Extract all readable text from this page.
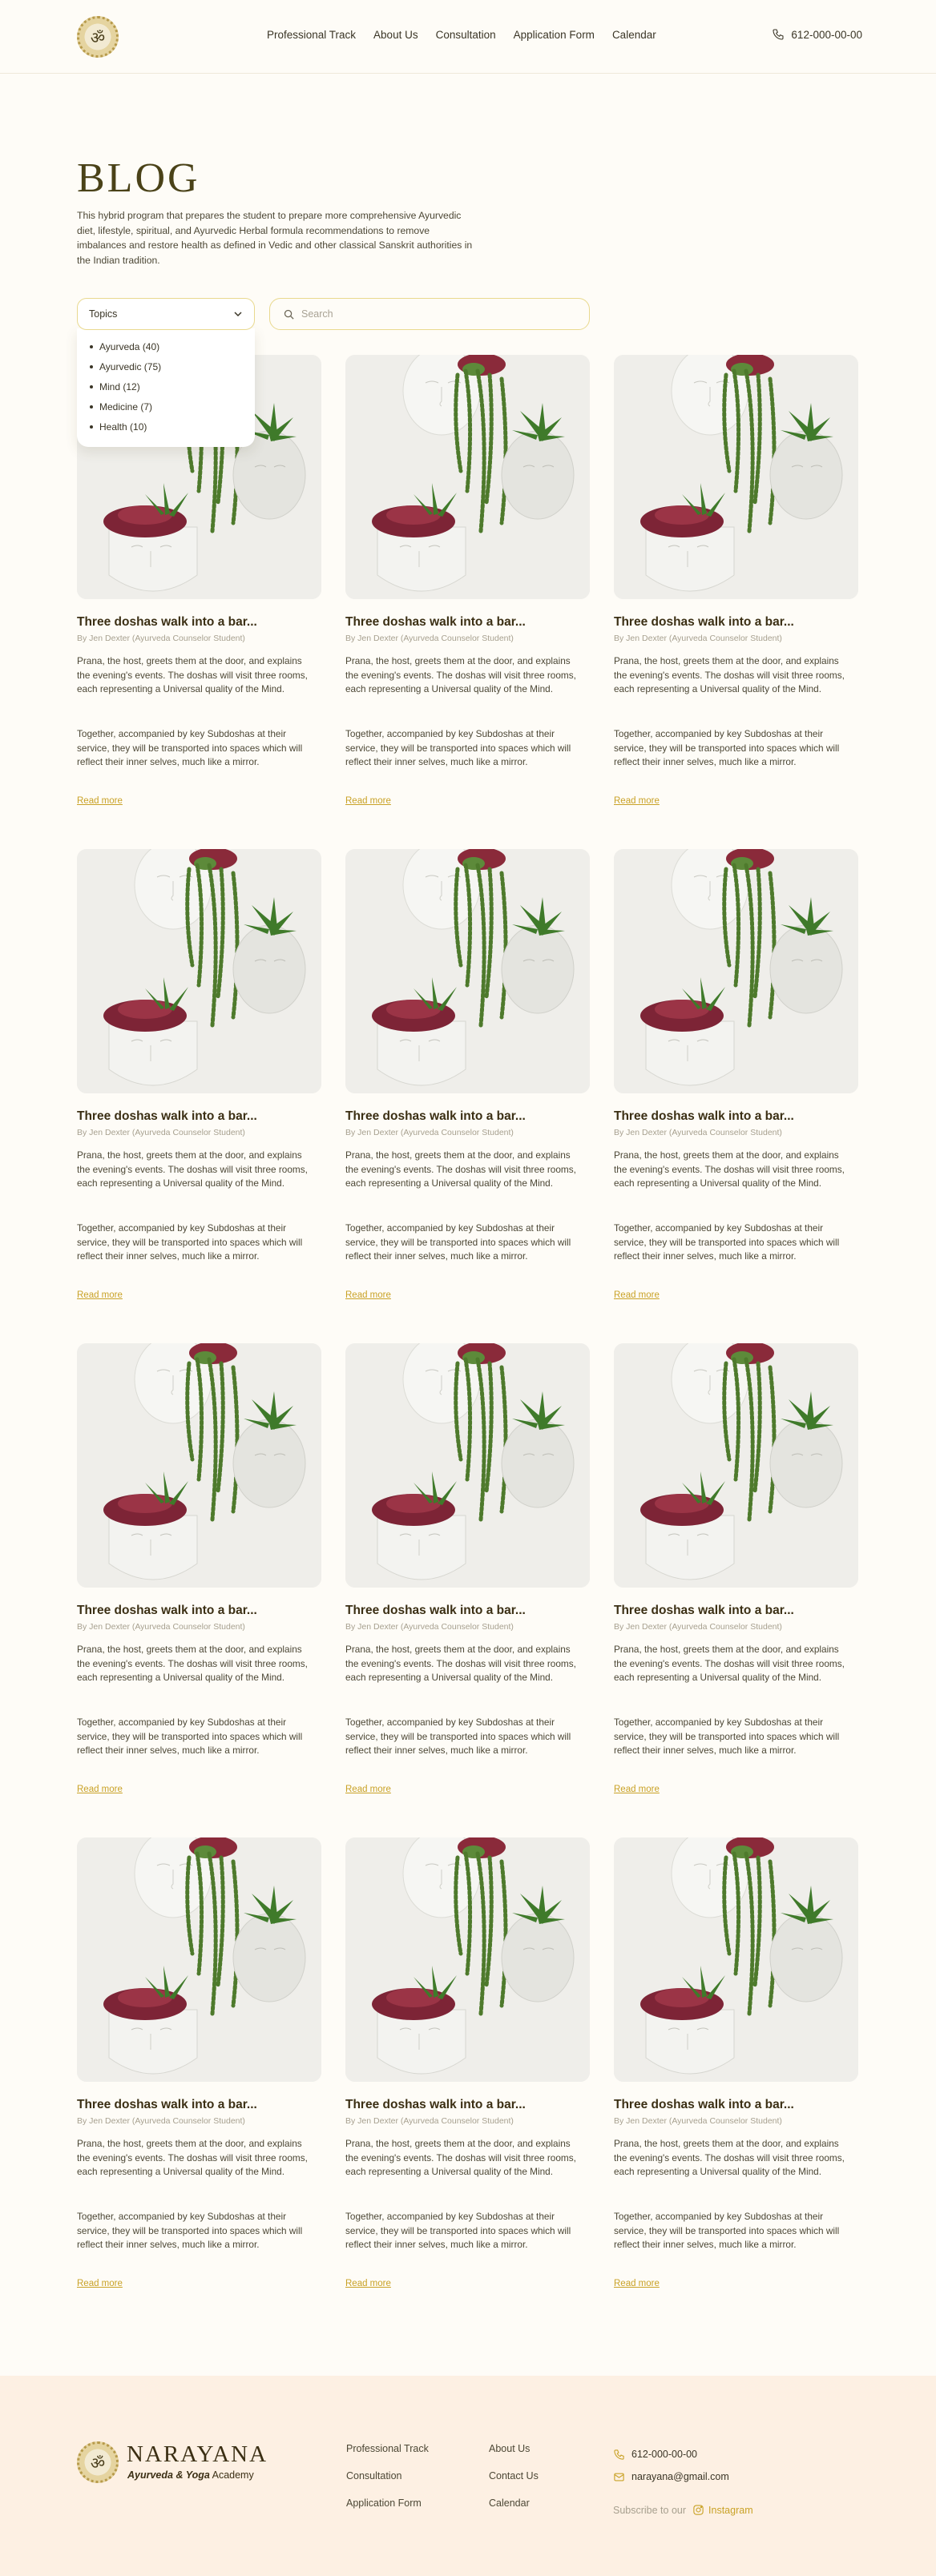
ॐ	Professional Track About Us Consultation Application Form Calendar	612-000-00-00
BLOG

This hybrid program that prepares the student to prepare more comprehensive Ayurvedic diet, lifestyle, spiritual, and Ayurvedic Herbal formula recommendations to remove imbalances and restore health as defined in Vedic and other classical Sanskrit authorities in the Indian tradition.

Topics
Ayurveda (40)
Ayurvedic (75)
Mind (12)
Medicine (7)
Health (10)
Search
Three doshas walk into a bar...
By Jen Dexter (Ayurveda Counselor Student)

Prana, the host, greets them at the door, and explains the evening's events. The doshas will visit three rooms, each representing a Universal quality of the Mind.

Together, accompanied by key Subdoshas at their service, they will be transported into spaces which will reflect their inner selves, much like a mirror.

Read more
Three doshas walk into a bar...
By Jen Dexter (Ayurveda Counselor Student)

Prana, the host, greets them at the door, and explains the evening's events. The doshas will visit three rooms, each representing a Universal quality of the Mind.

Together, accompanied by key Subdoshas at their service, they will be transported into spaces which will reflect their inner selves, much like a mirror.

Read more
Three doshas walk into a bar...
By Jen Dexter (Ayurveda Counselor Student)

Prana, the host, greets them at the door, and explains the evening's events. The doshas will visit three rooms, each representing a Universal quality of the Mind.

Together, accompanied by key Subdoshas at their service, they will be transported into spaces which will reflect their inner selves, much like a mirror.

Read more
Three doshas walk into a bar...
By Jen Dexter (Ayurveda Counselor Student)

Prana, the host, greets them at the door, and explains the evening's events. The doshas will visit three rooms, each representing a Universal quality of the Mind.

Together, accompanied by key Subdoshas at their service, they will be transported into spaces which will reflect their inner selves, much like a mirror.

Read more
Three doshas walk into a bar...
By Jen Dexter (Ayurveda Counselor Student)

Prana, the host, greets them at the door, and explains the evening's events. The doshas will visit three rooms, each representing a Universal quality of the Mind.

Together, accompanied by key Subdoshas at their service, they will be transported into spaces which will reflect their inner selves, much like a mirror.

Read more
Three doshas walk into a bar...
By Jen Dexter (Ayurveda Counselor Student)

Prana, the host, greets them at the door, and explains the evening's events. The doshas will visit three rooms, each representing a Universal quality of the Mind.

Together, accompanied by key Subdoshas at their service, they will be transported into spaces which will reflect their inner selves, much like a mirror.

Read more
Three doshas walk into a bar...
By Jen Dexter (Ayurveda Counselor Student)

Prana, the host, greets them at the door, and explains the evening's events. The doshas will visit three rooms, each representing a Universal quality of the Mind.

Together, accompanied by key Subdoshas at their service, they will be transported into spaces which will reflect their inner selves, much like a mirror.

Read more
Three doshas walk into a bar...
By Jen Dexter (Ayurveda Counselor Student)

Prana, the host, greets them at the door, and explains the evening's events. The doshas will visit three rooms, each representing a Universal quality of the Mind.

Together, accompanied by key Subdoshas at their service, they will be transported into spaces which will reflect their inner selves, much like a mirror.

Read more
Three doshas walk into a bar...
By Jen Dexter (Ayurveda Counselor Student)

Prana, the host, greets them at the door, and explains the evening's events. The doshas will visit three rooms, each representing a Universal quality of the Mind.

Together, accompanied by key Subdoshas at their service, they will be transported into spaces which will reflect their inner selves, much like a mirror.

Read more
Three doshas walk into a bar...
By Jen Dexter (Ayurveda Counselor Student)

Prana, the host, greets them at the door, and explains the evening's events. The doshas will visit three rooms, each representing a Universal quality of the Mind.

Together, accompanied by key Subdoshas at their service, they will be transported into spaces which will reflect their inner selves, much like a mirror.

Read more
Three doshas walk into a bar...
By Jen Dexter (Ayurveda Counselor Student)

Prana, the host, greets them at the door, and explains the evening's events. The doshas will visit three rooms, each representing a Universal quality of the Mind.

Together, accompanied by key Subdoshas at their service, they will be transported into spaces which will reflect their inner selves, much like a mirror.

Read more
Three doshas walk into a bar...
By Jen Dexter (Ayurveda Counselor Student)

Prana, the host, greets them at the door, and explains the evening's events. The doshas will visit three rooms, each representing a Universal quality of the Mind.

Together, accompanied by key Subdoshas at their service, they will be transported into spaces which will reflect their inner selves, much like a mirror.

Read more
ॐ NARAYANA
Ayurveda & Yoga Academy
Professional Track
Consultation
Application Form
About Us
Contact Us
Calendar
612-000-00-00
narayana@gmail.com
Subscribe to our Instagram
